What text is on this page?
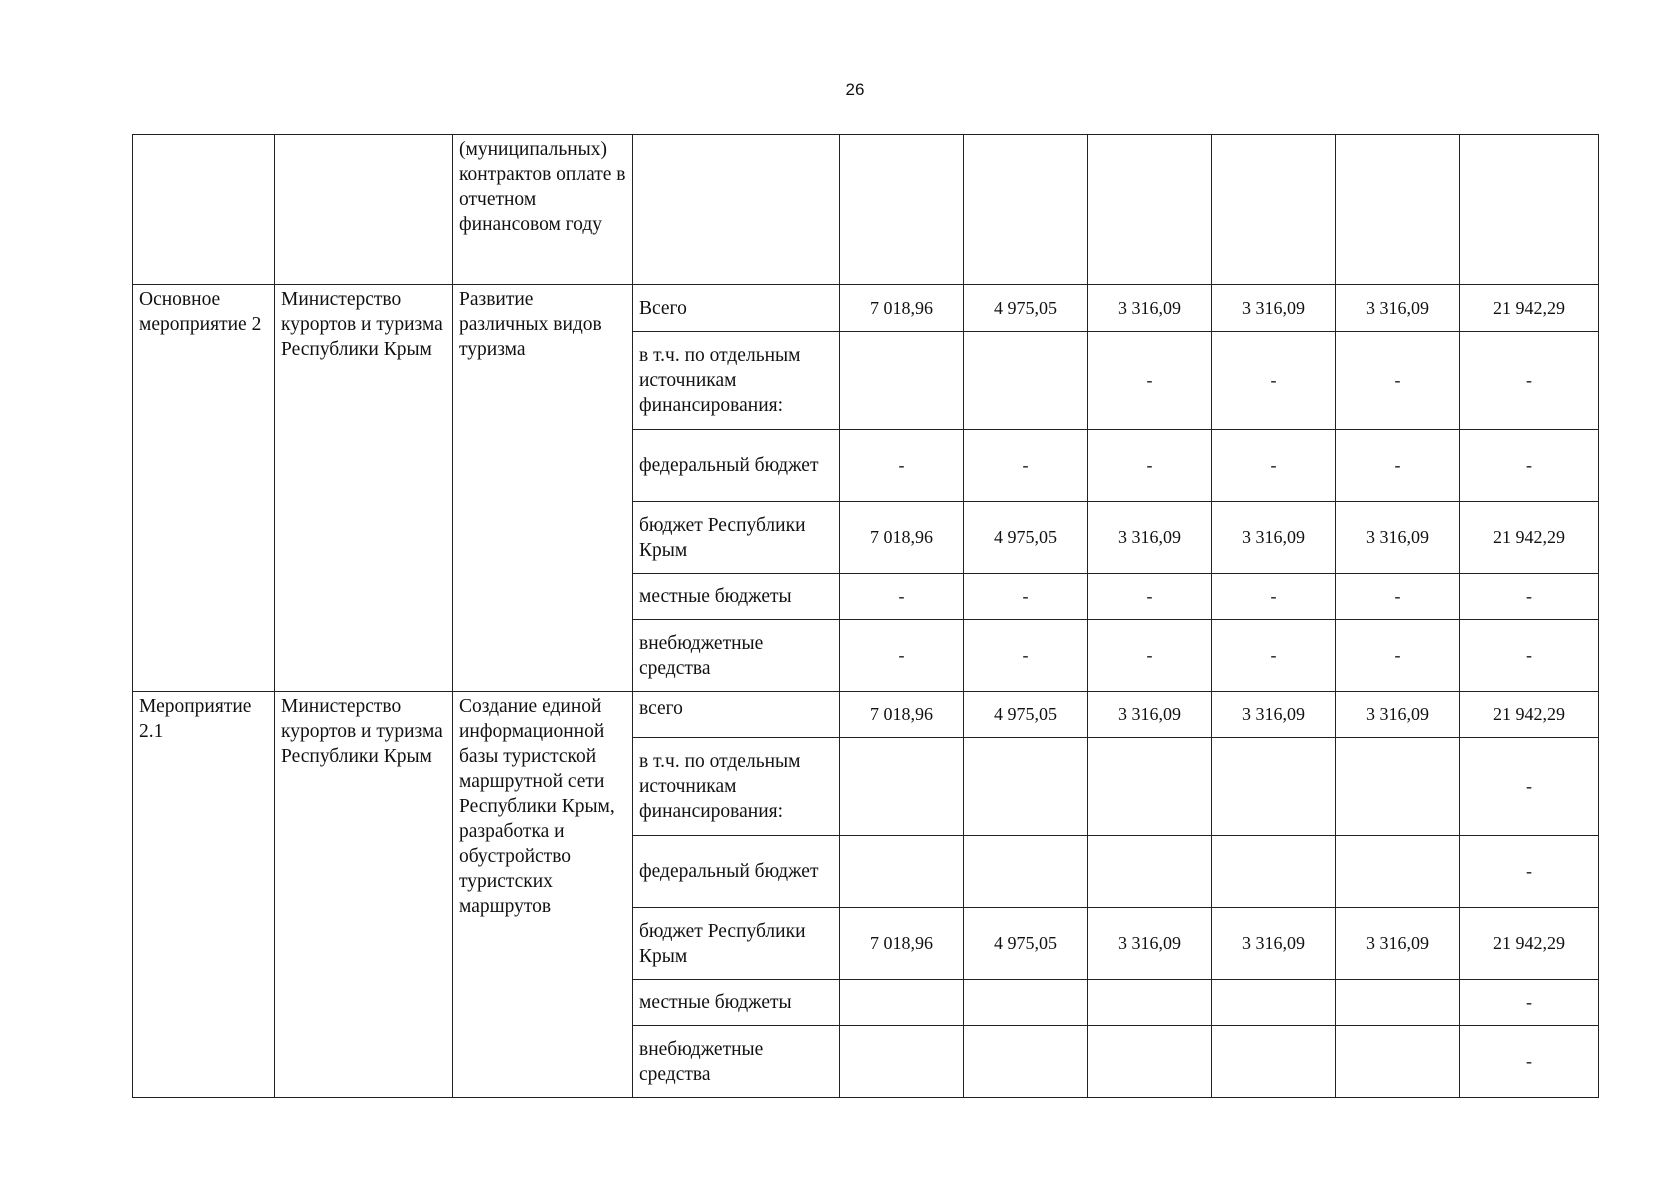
26
		(муниципальных) контрактов оплате в отчетном финансовом году							
Основное мероприятие 2	Министерство курортов и туризма Республики Крым	Развитие различных видов туризма	Всего	7 018,96	4 975,05	3 316,09	3 316,09	3 316,09	21 942,29
			в т.ч. по отдельным источникам финансирования:			-	-	-	-
			федеральный бюджет	-	-	-	-	-	-
			бюджет Республики Крым	7 018,96	4 975,05	3 316,09	3 316,09	3 316,09	21 942,29
			местные бюджеты	-	-	-	-	-	-
			внебюджетные средства	-	-	-	-	-	-
Мероприятие 2.1	Министерство курортов и туризма Республики Крым	Создание единой информационной базы туристской маршрутной сети Республики Крым, разработка и обустройство туристских маршрутов	всего	7 018,96	4 975,05	3 316,09	3 316,09	3 316,09	21 942,29
			в т.ч. по отдельным источникам финансирования:						-
			федеральный бюджет						-
			бюджет Республики Крым	7 018,96	4 975,05	3 316,09	3 316,09	3 316,09	21 942,29
			местные бюджеты						-
			внебюджетные средства						-
